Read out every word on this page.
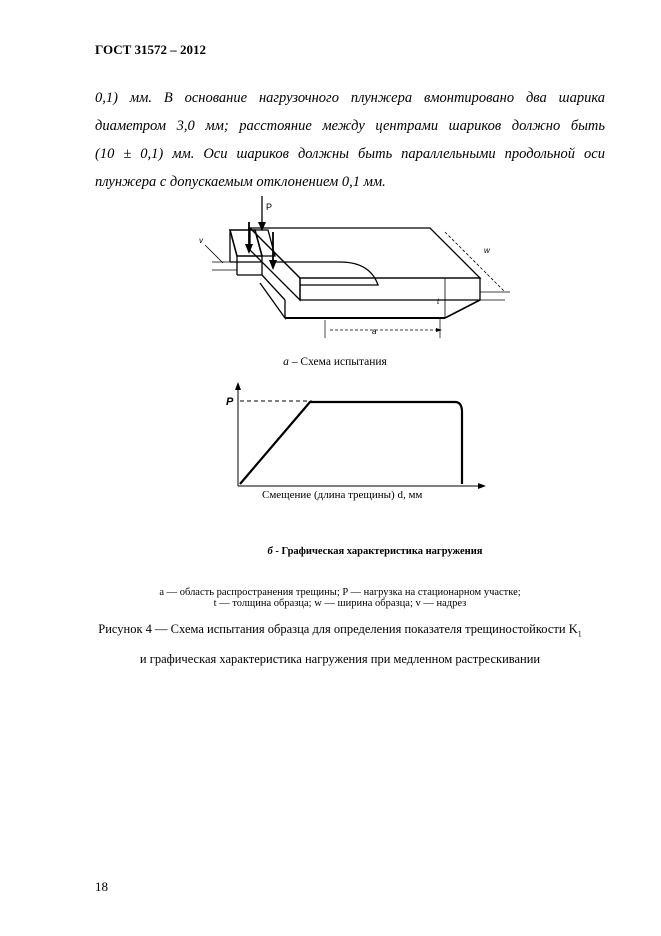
ГОСТ 31572 – 2012
0,1) мм. В основание нагрузочного плунжера вмонтировано два шарика
диаметром 3,0 мм; расстояние между центрами шариков должно быть
(10 ± 0,1) мм. Оси шариков должны быть параллельными продольной оси
плунжера с допускаемым отклонением 0,1 мм.
P
v
w
t
a
а – Схема испытания
P
Смещение (длина трещины) d, мм
б - Графическая характеристика нагружения
a — область распространения трещины; P — нагрузка на стационарном участке;
t — толщина образца; w — ширина образца; v — надрез
Рисунок 4 — Схема испытания образца для определения показателя трещиностойкости $K_1$
и графическая характеристика нагружения при медленном растрескивании
18
